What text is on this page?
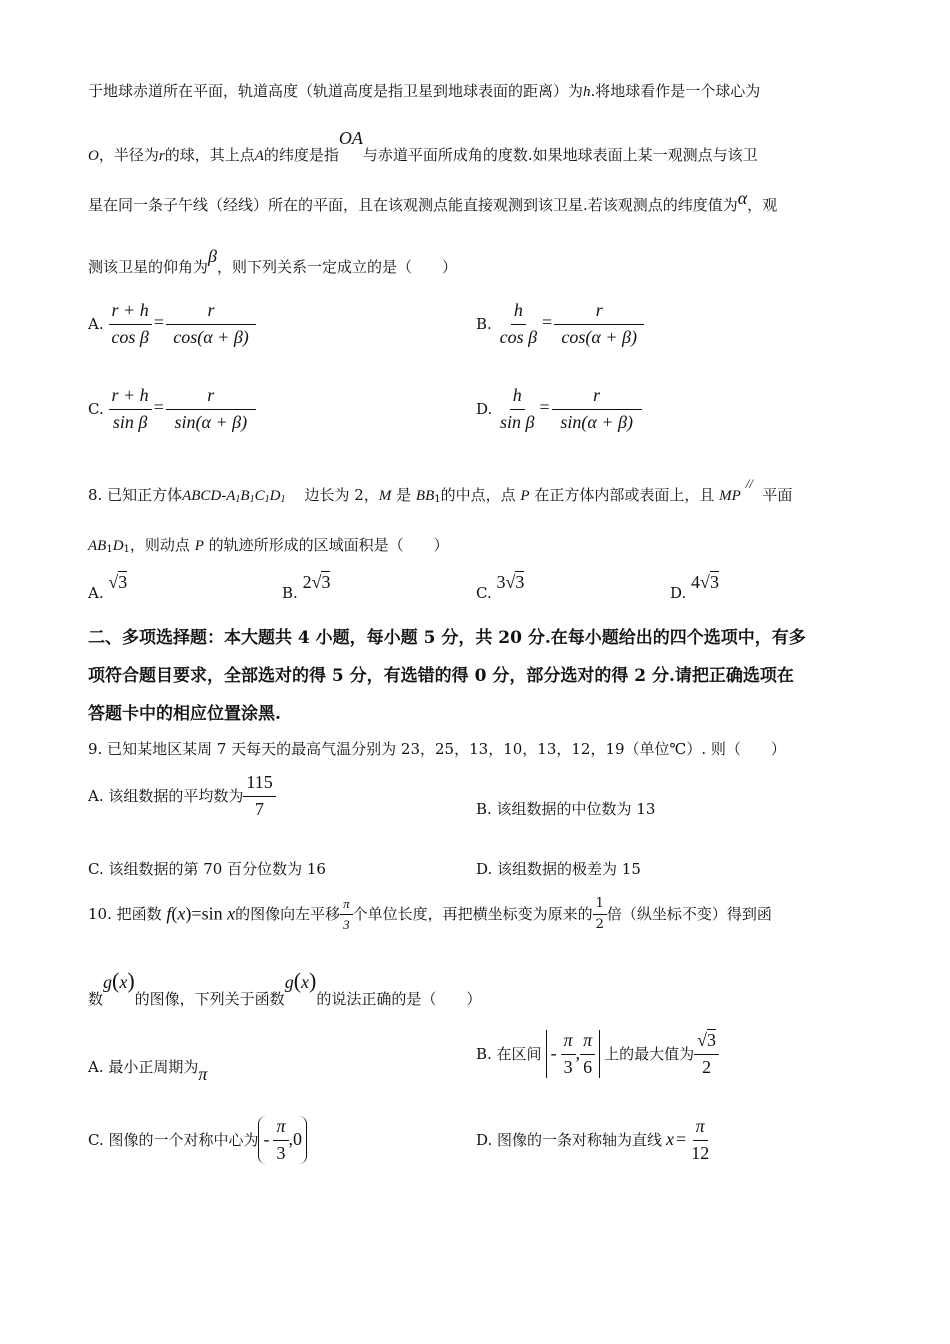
于地球赤道所在平面，轨道高度（轨道高度是指卫星到地球表面的距离）为h.将地球看作是一个球心为
O，半径为r的球，其上点A的纬度是指OA与赤道平面所成角的度数.如果地球表面上某一观测点与该卫
星在同一条子午线（经线）所在的平面，且在该观测点能直接观测到该卫星.若该观测点的纬度值为α，观
测该卫星的仰角为β，则下列关系一定成立的是（　　）
A. $\frac{r + h}{\text{cos β}} = \frac{r}{\cos(\alpha + \beta)}$	B. $\frac{h}{\text{cos β}} = \frac{r}{\cos(\alpha + \beta)}$
C. $\frac{r + h}{\text{sin β}} = \frac{r}{\sin(\alpha + \beta)}$	D. $\frac{h}{\text{sin β}} = \frac{r}{\sin(\alpha + \beta)}$
8. 已知正方体ABCD-$A_1B_1C_1D_1$ 边长为 2，M 是 $BB_1$的中点，点 P 在正方体内部或表面上，且 MP //  平面
$AB_1D_1$，则动点 P 的轨迹所形成的区域面积是（　　）
A. √3
B. 2√3
C. 3√3
D. 4√3
二、多项选择题：本大题共 4 小题，每小题 5 分，共 20 分.在每小题给出的四个选项中，有多
项符合题目要求，全部选对的得 5 分，有选错的得 0 分，部分选对的得 2 分.请把正确选项在
答题卡中的相应位置涂黑.
9. 已知某地区某周 7 天每天的最高气温分别为 23，25，13，10，13，12，19（单位℃）. 则（　　）
A. 该组数据的平均数为 $\frac{115}{7}$	B. 该组数据的中位数为 13
C. 该组数据的第 70 百分位数为 16	D. 该组数据的极差为 15
10. 把函数 f(x)=sin x的图像向左平移 $\frac{\pi}{3}$ 个单位长度，再把横坐标变为原来的 $\frac{1}{2}$ 倍（纵坐标不变）得到函
数g(x)的图像，下列关于函数g(x)的说法正确的是（　　）
A. 最小正周期为π
B. 在区间 - $\frac{\pi}{3}$ , $\frac{\pi}{6}$ 上的最大值为 $\frac{√3}{2}$
C. 图像的一个对称中心为 - $\frac{\pi}{3} ,0$	D. 图像的一条对称轴为直线 $x = \frac{\pi}{12}$
